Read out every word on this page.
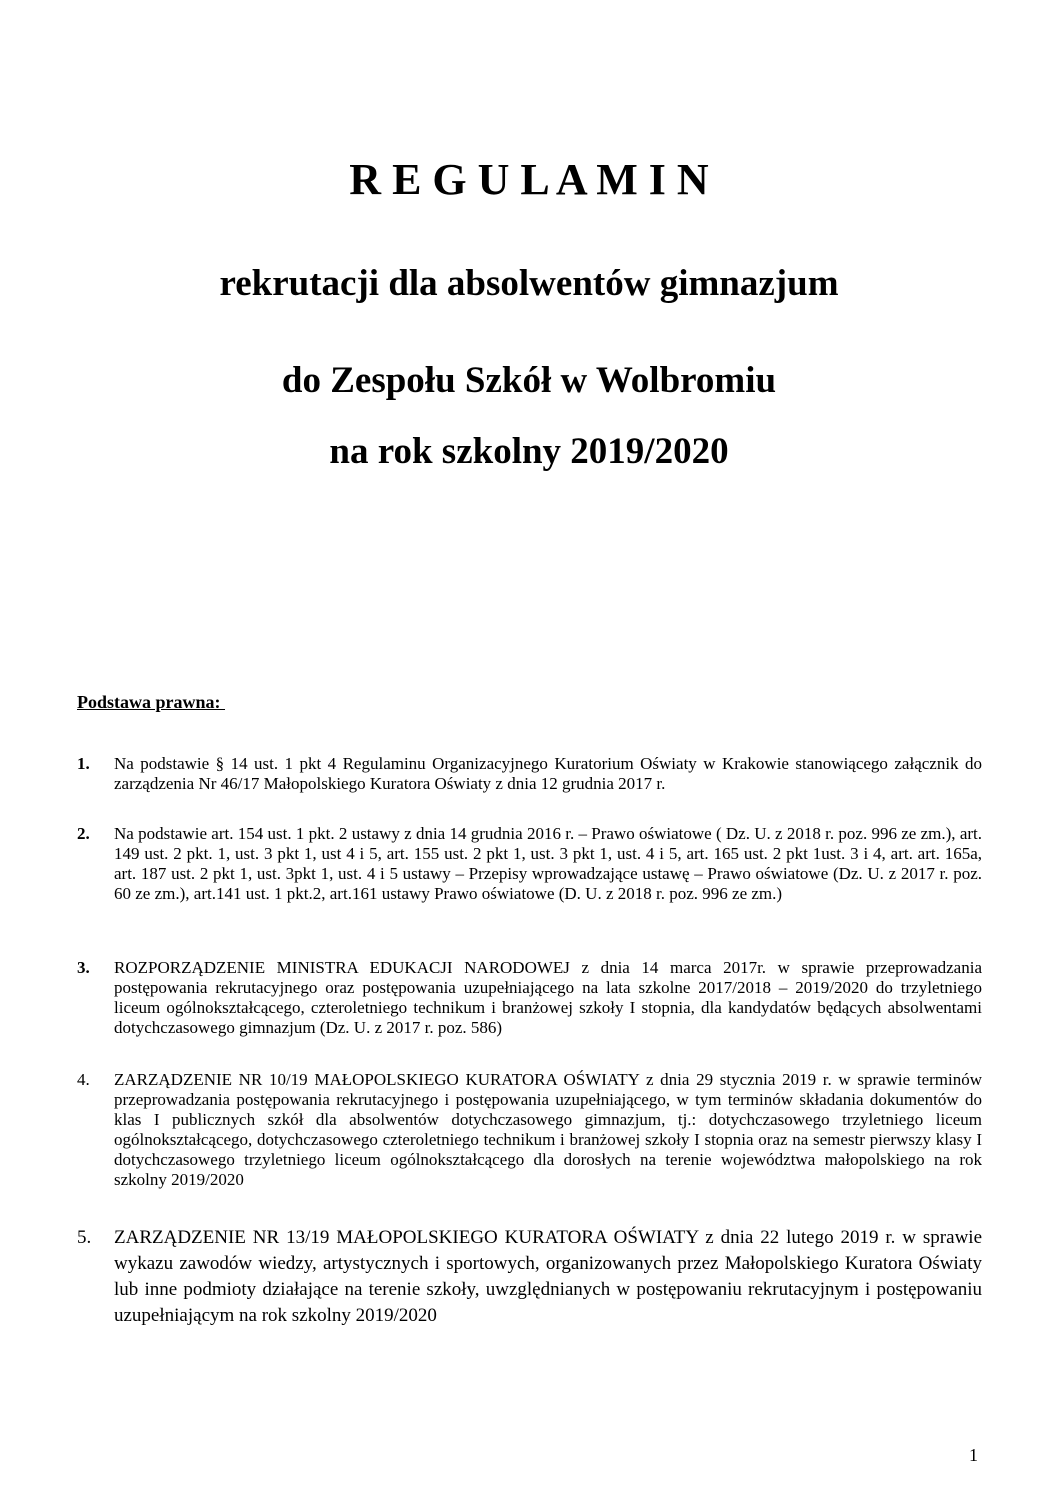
R E G U L A M I N
rekrutacji dla absolwentów gimnazjum
do Zespołu Szkół w Wolbromiu
na rok szkolny 2019/2020

Podstawa prawna:

1.	Na podstawie § 14 ust. 1 pkt 4 Regulaminu Organizacyjnego Kuratorium Oświaty w Krakowie stanowiącego załącznik do zarządzenia Nr 46/17 Małopolskiego Kuratora Oświaty z dnia 12 grudnia 2017 r.
2.	Na podstawie art. 154 ust. 1 pkt. 2 ustawy z dnia 14 grudnia 2016 r. – Prawo oświatowe ( Dz. U. z 2018 r. poz. 996 ze zm.), art. 149 ust. 2 pkt. 1, ust. 3 pkt 1, ust 4 i 5, art. 155 ust. 2 pkt 1, ust. 3 pkt 1, ust. 4 i 5, art. 165 ust. 2 pkt 1ust. 3 i 4, art. art. 165a, art. 187 ust. 2 pkt 1, ust. 3pkt 1, ust. 4 i 5 ustawy – Przepisy wprowadzające ustawę – Prawo oświatowe (Dz. U. z 2017 r. poz. 60 ze zm.), art.141 ust. 1 pkt.2, art.161 ustawy Prawo oświatowe (D. U. z 2018 r. poz. 996 ze zm.)
3.	ROZPORZĄDZENIE MINISTRA EDUKACJI NARODOWEJ z dnia 14 marca 2017r. w sprawie przeprowadzania postępowania rekrutacyjnego oraz postępowania uzupełniającego na lata szkolne 2017/2018 – 2019/2020 do trzyletniego liceum ogólnokształcącego, czteroletniego technikum i branżowej szkoły I stopnia, dla kandydatów będących absolwentami dotychczasowego gimnazjum (Dz. U. z 2017 r. poz. 586)
4.	ZARZĄDZENIE NR 10/19 MAŁOPOLSKIEGO KURATORA OŚWIATY z dnia 29 stycznia 2019 r. w sprawie terminów przeprowadzania postępowania rekrutacyjnego i postępowania uzupełniającego, w tym terminów składania dokumentów do klas I publicznych szkół dla absolwentów dotychczasowego gimnazjum, tj.: dotychczasowego trzyletniego liceum ogólnokształcącego, dotychczasowego czteroletniego technikum i branżowej szkoły I stopnia oraz na semestr pierwszy klasy I dotychczasowego trzyletniego liceum ogólnokształcącego dla dorosłych na terenie województwa małopolskiego na rok szkolny 2019/2020
5.	ZARZĄDZENIE NR 13/19 MAŁOPOLSKIEGO KURATORA OŚWIATY z dnia 22 lutego 2019 r. w sprawie wykazu zawodów wiedzy, artystycznych i sportowych, organizowanych przez Małopolskiego Kuratora Oświaty lub inne podmioty działające na terenie szkoły, uwzględnianych w postępowaniu rekrutacyjnym i postępowaniu uzupełniającym na rok szkolny 2019/2020

1
